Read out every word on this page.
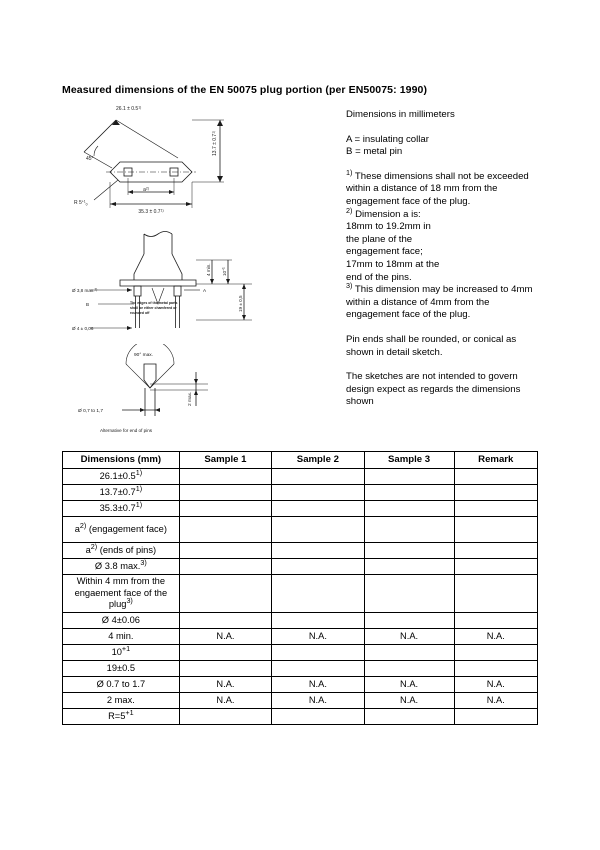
Measured dimensions of the EN 50075 plug portion (per EN50075: 1990)
$26.1 \pm 0.5^{1)}$
45°
R $5^{+1}_0$
$a^{2)}$
$35.3 \pm 0.7^{1)}$
$13.7 \pm 0.7^{1)}$
Ø 3,8 max.$^{2)}$
B
A
Ø 4 ± 0,06
4 min. $10^{+1}$
19 ± 0,5
The edges of the metal parts
shall be either chamfered or
rounded off
90° max.
Ø 0,7 to 1,7
2 max.
Alternative for end of pins

Dimensions in millimeters

A = insulating collar

B = metal pin

$^{1)}$ These dimensions shall not be exceeded within a distance of 18 mm from the engagement face of the plug.

$^{2)}$ Dimension a is:

18mm to 19.2mm in

the plane of the

engagement face;

17mm to 18mm at the

end of the pins.

$^{3)}$ This dimension may be increased to 4mm within a distance of 4mm from the engagement face of the plug.

Pin ends shall be rounded, or conical as shown in detail sketch.

The sketches are not intended to govern design expect as regards the dimensions shown

Dimensions (mm)	Sample 1	Sample 2	Sample 3	Remark
$26.1\pm 0.5^{1)}$				
$13.7\pm 0.7^{1)}$				
$35.3\pm 0.7^{1)}$				
$a^{2)}$ (engagement face)				
$a^{2)}$ (ends of pins)				
Ø 3.8 max.$^{3)}$				
Within 4 mm from the engaement face of the plug$^{3)}$				
Ø 4±0.06				
4 min.	N.A.	N.A.	N.A.	N.A.
$10^{+1}$				
19±0.5				
Ø 0.7 to 1.7	N.A.	N.A.	N.A.	N.A.
2 max.	N.A.	N.A.	N.A.	N.A.
$R=5^{+1}$				
